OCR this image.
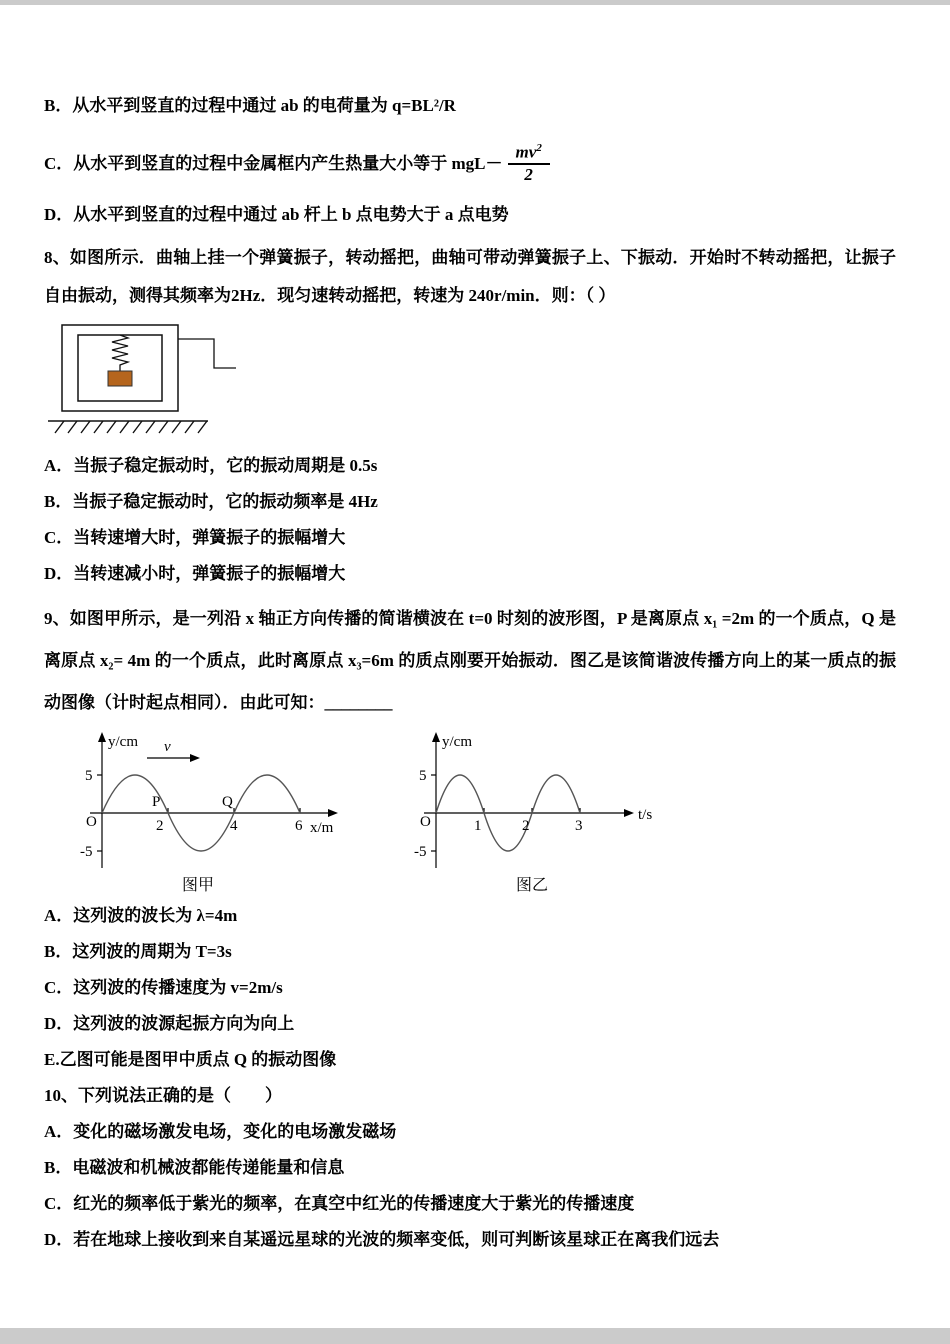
B．从水平到竖直的过程中通过 ab 的电荷量为 q=BL²/R

C．从水平到竖直的过程中金属框内产生热量大小等于 $mgL- \frac{mv^2}{2}$

D．从水平到竖直的过程中通过 ab 杆上 b 点电势大于 a 点电势

8、如图所示．曲轴上挂一个弹簧振子，转动摇把，曲轴可带动弹簧振子上、下振动．开始时不转动摇把，让振子自由振动，测得其频率为2Hz．现匀速转动摇把，转速为 240r/min．则：（ ）

A．当振子稳定振动时，它的振动周期是 0.5s

B．当振子稳定振动时，它的振动频率是 4Hz

C．当转速增大时，弹簧振子的振幅增大

D．当转速减小时，弹簧振子的振幅增大

9、如图甲所示，是一列沿 x 轴正方向传播的简谐横波在 t=0 时刻的波形图，P 是离原点 x₁ =2m 的一个质点，Q 是离原点 x₂= 4m 的一个质点，此时离原点 x₃=6m 的质点刚要开始振动．图乙是该简谐波传播方向上的某一质点的振动图像（计时起点相同）．由此可知：________

v
y/cm
x/m
O
5
-5
2	4	6
P	Q
图甲
y/cm
t/s
O
5
-5
1	2	3
图乙

A．这列波的波长为 λ=4m

B．这列波的周期为 T=3s

C．这列波的传播速度为 v=2m/s

D．这列波的波源起振方向为向上

E.乙图可能是图甲中质点 Q 的振动图像

10、下列说法正确的是（　　）

A．变化的磁场激发电场，变化的电场激发磁场

B．电磁波和机械波都能传递能量和信息

C．红光的频率低于紫光的频率，在真空中红光的传播速度大于紫光的传播速度

D．若在地球上接收到来自某遥远星球的光波的频率变低，则可判断该星球正在离我们远去
